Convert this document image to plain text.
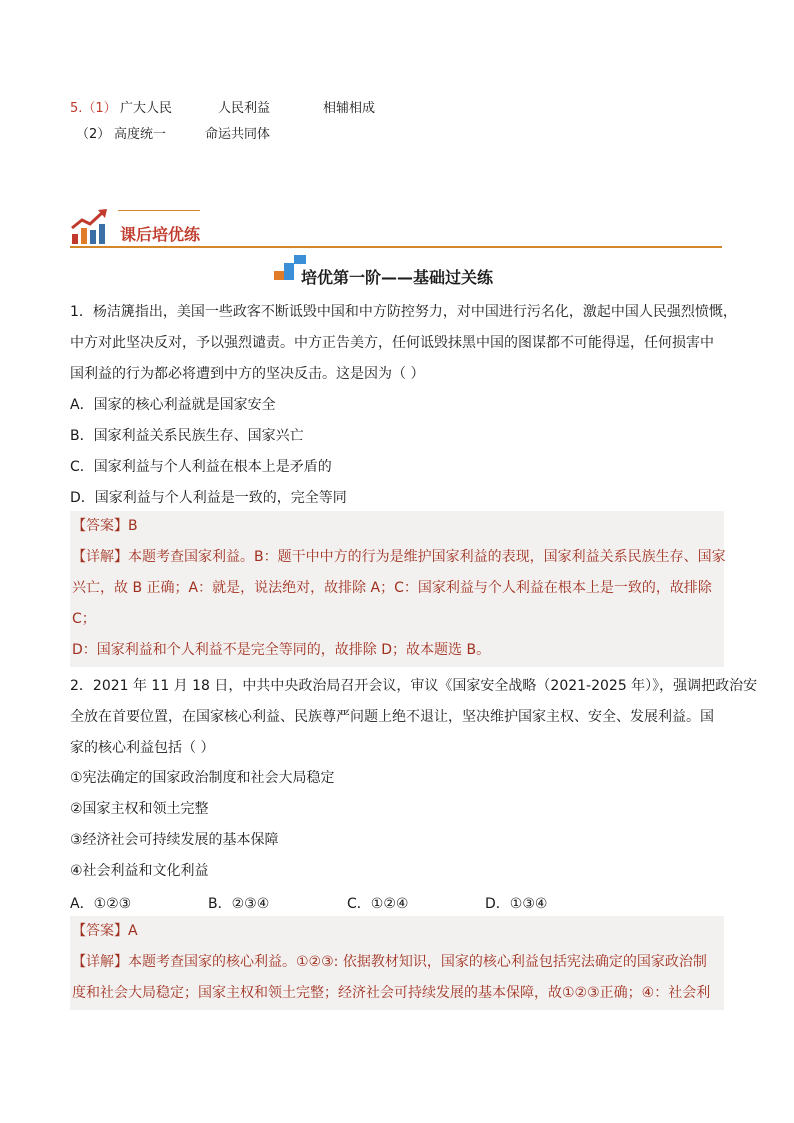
5.（1） 广大人民	人民利益	相辅相成
（2） 高度统一	命运共同体
课后培优练
培优第一阶——基础过关练
1．杨洁篪指出，美国一些政客不断诋毁中国和中方防控努力，对中国进行污名化，激起中国人民强烈愤慨，
中方对此坚决反对，予以强烈谴责。中方正告美方，任何诋毁抹黑中国的图谋都不可能得逞，任何损害中
国利益的行为都必将遭到中方的坚决反击。这是因为（ ）
A．国家的核心利益就是国家安全
B．国家利益关系民族生存、国家兴亡
C．国家利益与个人利益在根本上是矛盾的
D．国家利益与个人利益是一致的，完全等同
【答案】B
【详解】本题考查国家利益。B：题干中中方的行为是维护国家利益的表现，国家利益关系民族生存、国家
兴亡，故 B 正确；A：就是，说法绝对，故排除 A；C：国家利益与个人利益在根本上是一致的，故排除
C；
D：国家利益和个人利益不是完全等同的，故排除 D；故本题选 B。
2．2021 年 11 月 18 日，中共中央政治局召开会议，审议《国家安全战略（2021-2025 年）》，强调把政治安
全放在首要位置，在国家核心利益、民族尊严问题上绝不退让，坚决维护国家主权、安全、发展利益。国
家的核心利益包括（ ）
①宪法确定的国家政治制度和社会大局稳定
②国家主权和领土完整
③经济社会可持续发展的基本保障
④社会利益和文化利益
A．①②③	B．②③④	C．①②④	D．①③④
【答案】A
【详解】本题考查国家的核心利益。①②③: 依据教材知识，国家的核心利益包括宪法确定的国家政治制
度和社会大局稳定；国家主权和领土完整；经济社会可持续发展的基本保障，故①②③正确；④：社会利
